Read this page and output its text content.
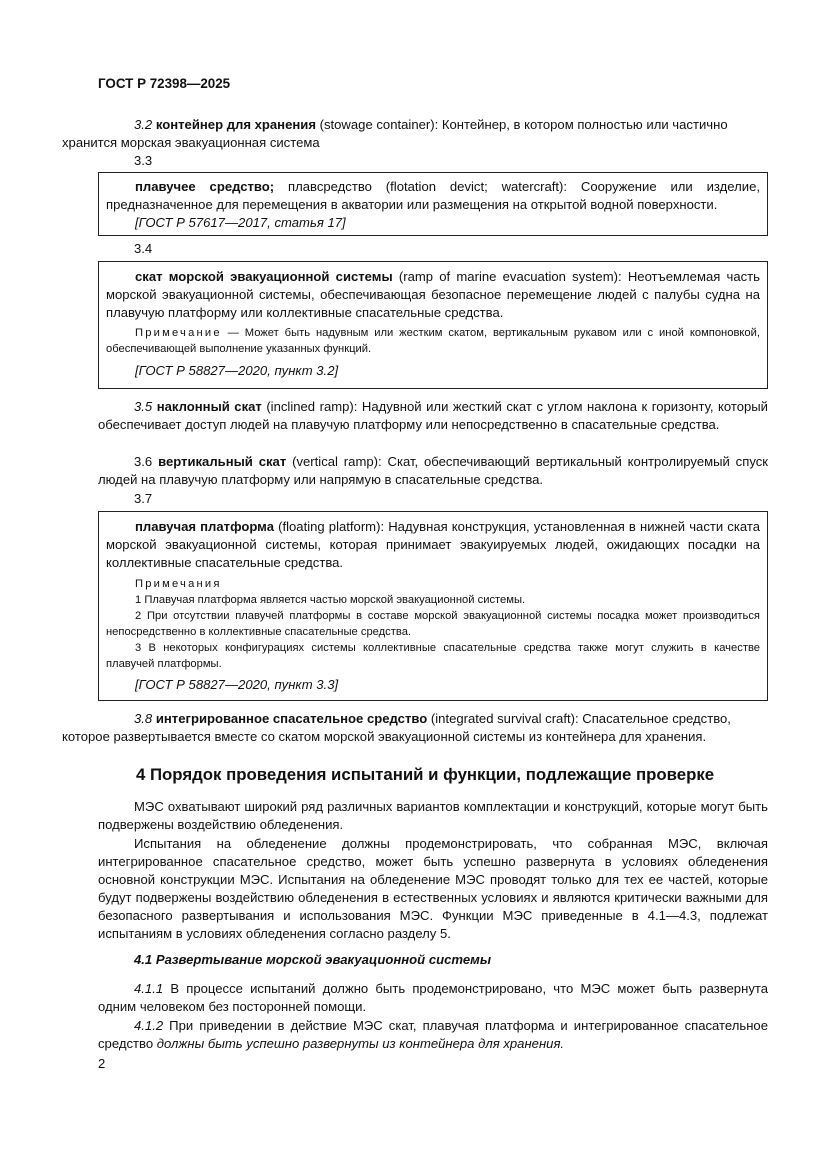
ГОСТ Р 72398—2025
3.2 контейнер для хранения (stowage container): Контейнер, в котором полностью или частично
хранится морская эвакуационная система
3.3
плавучее средство; плавсредство (flotation devict; watercraft): Сооружение или изделие, предназначенное для перемещения в акватории или размещения на открытой водной поверхности.
[ГОСТ Р 57617—2017, статья 17]
3.4
скат морской эвакуационной системы (ramp of marine evacuation system): Неотъемлемая часть морской эвакуационной системы, обеспечивающая безопасное перемещение людей с палубы судна на плавучую платформу или коллективные спасательные средства.
Примечание — Может быть надувным или жестким скатом, вертикальным рукавом или с иной компоновкой, обеспечивающей выполнение указанных функций.
[ГОСТ Р 58827—2020, пункт 3.2]
3.5 наклонный скат (inclined ramp): Надувной или жесткий скат с углом наклона к горизонту, который обеспечивает доступ людей на плавучую платформу или непосредственно в спасательные средства.
3.6 вертикальный скат (vertical ramp): Скат, обеспечивающий вертикальный контролируемый спуск людей на плавучую платформу или напрямую в спасательные средства.
3.7
плавучая платформа (floating platform): Надувная конструкция, установленная в нижней части ската морской эвакуационной системы, которая принимает эвакуируемых людей, ожидающих посадки на коллективные спасательные средства.
Примечания
1 Плавучая платформа является частью морской эвакуационной системы.
2 При отсутствии плавучей платформы в составе морской эвакуационной системы посадка может производиться непосредственно в коллективные спасательные средства.
3 В некоторых конфигурациях системы коллективные спасательные средства также могут служить в качестве плавучей платформы.
[ГОСТ Р 58827—2020, пункт 3.3]
3.8 интегрированное спасательное средство (integrated survival craft): Спасательное средство,
которое развертывается вместе со скатом морской эвакуационной системы из контейнера для хранения.
4 Порядок проведения испытаний и функции, подлежащие проверке
МЭС охватывают широкий ряд различных вариантов комплектации и конструкций, которые могут быть подвержены воздействию обледенения.
Испытания на обледенение должны продемонстрировать, что собранная МЭС, включая интегрированное спасательное средство, может быть успешно развернута в условиях обледенения основной конструкции МЭС. Испытания на обледенение МЭС проводят только для тех ее частей, которые будут подвержены воздействию обледенения в естественных условиях и являются критически важными для безопасного развертывания и использования МЭС. Функции МЭС приведенные в 4.1—4.3, подлежат испытаниям в условиях обледенения согласно разделу 5.
4.1 Развертывание морской эвакуационной системы
4.1.1 В процессе испытаний должно быть продемонстрировано, что МЭС может быть развернута одним человеком без посторонней помощи.
4.1.2 При приведении в действие МЭС скат, плавучая платформа и интегрированное спасательное средство должны быть успешно развернуты из контейнера для хранения.
2
